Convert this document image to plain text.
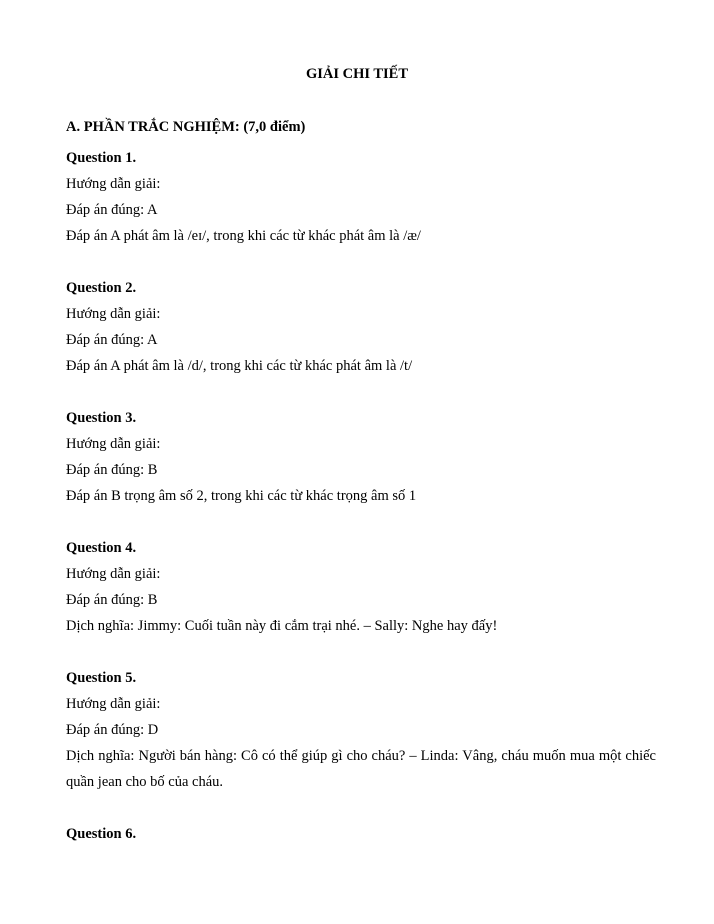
GIẢI CHI TIẾT
A. PHẦN TRẮC NGHIỆM: (7,0 điểm)
Question 1.
Hướng dẫn giải:
Đáp án đúng: A
Đáp án A phát âm là /eɪ/, trong khi các từ khác phát âm là /æ/
Question 2.
Hướng dẫn giải:
Đáp án đúng: A
Đáp án A phát âm là /d/, trong khi các từ khác phát âm là /t/
Question 3.
Hướng dẫn giải:
Đáp án đúng: B
Đáp án B trọng âm số 2, trong khi các từ khác trọng âm số 1
Question 4.
Hướng dẫn giải:
Đáp án đúng: B
Dịch nghĩa: Jimmy: Cuối tuần này đi cắm trại nhé. – Sally: Nghe hay đấy!
Question 5.
Hướng dẫn giải:
Đáp án đúng: D
Dịch nghĩa: Người bán hàng: Cô có thể giúp gì cho cháu? – Linda: Vâng, cháu muốn mua một chiếc quần jean cho bố của cháu.
Question 6.
